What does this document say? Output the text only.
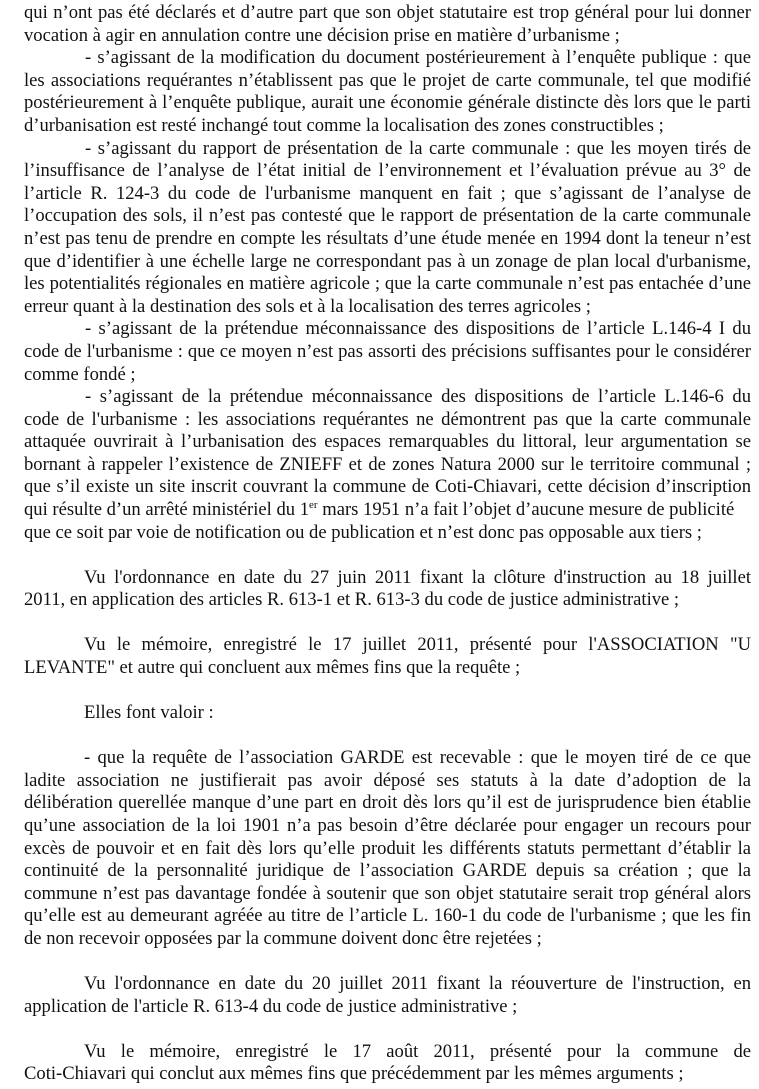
qui n’ont pas été déclarés et d’autre part que son objet statutaire est trop général pour lui donner
vocation à agir en annulation contre une décision prise en matière d’urbanisme ;
- s’agissant de la modification du document postérieurement à l’enquête publique : que
les associations requérantes n’établissent pas que le projet de carte communale, tel que modifié
postérieurement à l’enquête publique, aurait une économie générale distincte dès lors que le parti
d’urbanisation est resté inchangé tout comme la localisation des zones constructibles ;
- s’agissant du rapport de présentation de la carte communale : que les moyen tirés de
l’insuffisance de l’analyse de l’état initial de l’environnement et l’évaluation prévue au 3° de
l’article R. 124-3 du code de l'urbanisme manquent en fait ; que s’agissant de l’analyse de
l’occupation des sols, il n’est pas contesté que le rapport de présentation de la carte communale
n’est pas tenu de prendre en compte les résultats d’une étude menée en 1994 dont la teneur n’est
que d’identifier à une échelle large ne correspondant pas à un zonage de plan local d'urbanisme,
les potentialités régionales en matière agricole ; que la carte communale n’est pas entachée d’une
erreur quant à la destination des sols et à la localisation des terres agricoles ;
- s’agissant de la prétendue méconnaissance des dispositions de l’article L.146-4 I du
code de l'urbanisme : que ce moyen n’est pas assorti des précisions suffisantes pour le considérer
comme fondé ;
- s’agissant de la prétendue méconnaissance des dispositions de l’article L.146-6 du
code de l'urbanisme : les associations requérantes ne démontrent pas que la carte communale
attaquée ouvrirait à l’urbanisation des espaces remarquables du littoral, leur argumentation se
bornant à rappeler l’existence de ZNIEFF et de zones Natura 2000 sur le territoire communal ;
que s’il existe un site inscrit couvrant la commune de Coti-Chiavari, cette décision d’inscription
qui résulte d’un arrêté ministériel du 1er mars 1951 n’a fait l’objet d’aucune mesure de publicité
que ce soit par voie de notification ou de publication et n’est donc pas opposable aux tiers ;
Vu l'ordonnance en date du 27 juin 2011 fixant la clôture d'instruction au 18 juillet
2011, en application des articles R. 613-1 et R. 613-3 du code de justice administrative ;
Vu le mémoire, enregistré le 17 juillet 2011, présenté pour l'ASSOCIATION "U
LEVANTE" et autre qui concluent aux mêmes fins que la requête ;
Elles font valoir :
- que la requête de l’association GARDE est recevable : que le moyen tiré de ce que
ladite association ne justifierait pas avoir déposé ses statuts à la date d’adoption de la
délibération querellée manque d’une part en droit dès lors qu’il est de jurisprudence bien établie
qu’une association de la loi 1901 n’a pas besoin d’être déclarée pour engager un recours pour
excès de pouvoir et en fait dès lors qu’elle produit les différents statuts permettant d’établir la
continuité de la personnalité juridique de l’association GARDE depuis sa création ; que la
commune n’est pas davantage fondée à soutenir que son objet statutaire serait trop général alors
qu’elle est au demeurant agréée au titre de l’article L. 160-1 du code de l'urbanisme ; que les fin
de non recevoir opposées par la commune doivent donc être rejetées ;
Vu l'ordonnance en date du 20 juillet 2011 fixant la réouverture de l'instruction, en
application de l'article R. 613-4 du code de justice administrative ;
Vu le mémoire, enregistré le 17 août 2011, présenté pour la commune de
Coti-Chiavari qui conclut aux mêmes fins que précédemment par les mêmes arguments ;
